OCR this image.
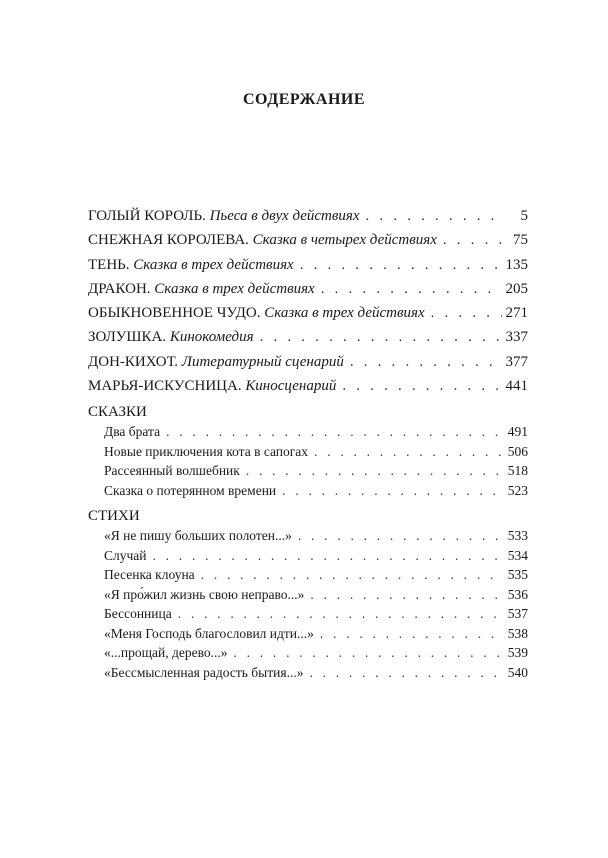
СОДЕРЖАНИЕ
ГОЛЫЙ КОРОЛЬ. Пьеса в двух действиях . . .	5
СНЕЖНАЯ КОРОЛЕВА. Сказка в четырех действиях . . .	75
ТЕНЬ. Сказка в трех действиях . . .	135
ДРАКОН. Сказка в трех действиях . . .	205
ОБЫКНОВЕННОЕ ЧУДО. Сказка в трех действиях . . .	271
ЗОЛУШКА. Кинокомедия . . .	337
ДОН-КИХОТ. Литературный сценарий . . .	377
МАРЬЯ-ИСКУСНИЦА. Киносценарий . . .	441
СКАЗКИ
Два брата . . .	491
Новые приключения кота в сапогах . . .	506
Рассеянный волшебник . . .	518
Сказка о потерянном времени . . .	523
СТИХИ
«Я не пишу больших полотен...» . . .	533
Случай . . .	534
Песенка клоуна . . .	535
«Я про́жил жизнь свою неправо...» . . .	536
Бессонница . . .	537
«Меня Господь благословил идти...» . . .	538
«...прощай, дерево...» . . .	539
«Бессмысленная радость бытия...» . . .	540
